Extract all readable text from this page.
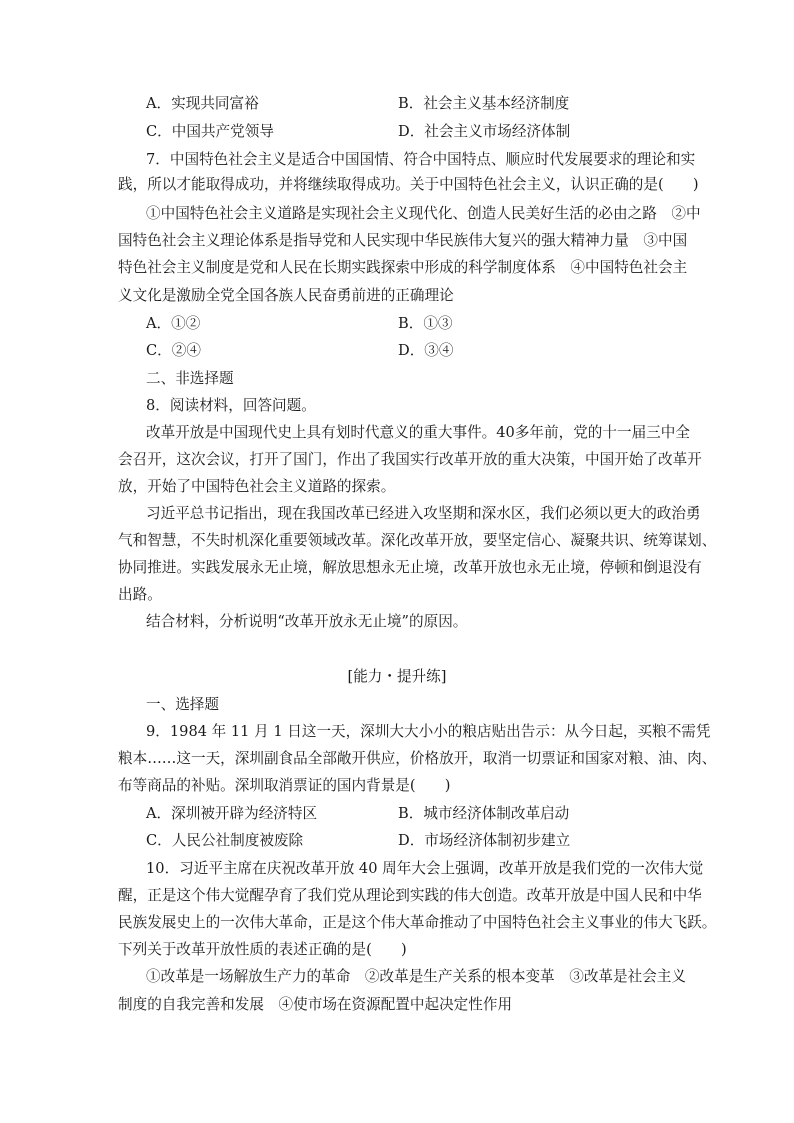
A．实现共同富裕	B．社会主义基本经济制度
C．中国共产党领导	D．社会主义市场经济体制
7．中国特色社会主义是适合中国国情、符合中国特点、顺应时代发展要求的理论和实
践，所以才能取得成功，并将继续取得成功。关于中国特色社会主义，认识正确的是(　　)
①中国特色社会主义道路是实现社会主义现代化、创造人民美好生活的必由之路　②中
国特色社会主义理论体系是指导党和人民实现中华民族伟大复兴的强大精神力量　③中国
特色社会主义制度是党和人民在长期实践探索中形成的科学制度体系　④中国特色社会主
义文化是激励全党全国各族人民奋勇前进的正确理论
A．①②	B．①③
C．②④	D．③④
二、非选择题
8．阅读材料，回答问题。
改革开放是中国现代史上具有划时代意义的重大事件。40多年前，党的十一届三中全
会召开，这次会议，打开了国门，作出了我国实行改革开放的重大决策，中国开始了改革开
放，开始了中国特色社会主义道路的探索。
习近平总书记指出，现在我国改革已经进入攻坚期和深水区，我们必须以更大的政治勇
气和智慧，不失时机深化重要领域改革。深化改革开放，要坚定信心、凝聚共识、统筹谋划、
协同推进。实践发展永无止境，解放思想永无止境，改革开放也永无止境，停顿和倒退没有
出路。
结合材料，分析说明“改革开放永无止境”的原因。
[能力・提升练]
一、选择题
9．1984 年 11 月 1 日这一天，深圳大大小小的粮店贴出告示：从今日起，买粮不需凭
粮本……这一天，深圳副食品全部敞开供应，价格放开，取消一切票证和国家对粮、油、肉、
布等商品的补贴。深圳取消票证的国内背景是(　　)
A．深圳被开辟为经济特区	B．城市经济体制改革启动
C．人民公社制度被废除	D．市场经济体制初步建立
10．习近平主席在庆祝改革开放 40 周年大会上强调，改革开放是我们党的一次伟大觉
醒，正是这个伟大觉醒孕育了我们党从理论到实践的伟大创造。改革开放是中国人民和中华
民族发展史上的一次伟大革命，正是这个伟大革命推动了中国特色社会主义事业的伟大飞跃。
下列关于改革开放性质的表述正确的是(　　)
①改革是一场解放生产力的革命　②改革是生产关系的根本变革　③改革是社会主义
制度的自我完善和发展　④使市场在资源配置中起决定性作用
